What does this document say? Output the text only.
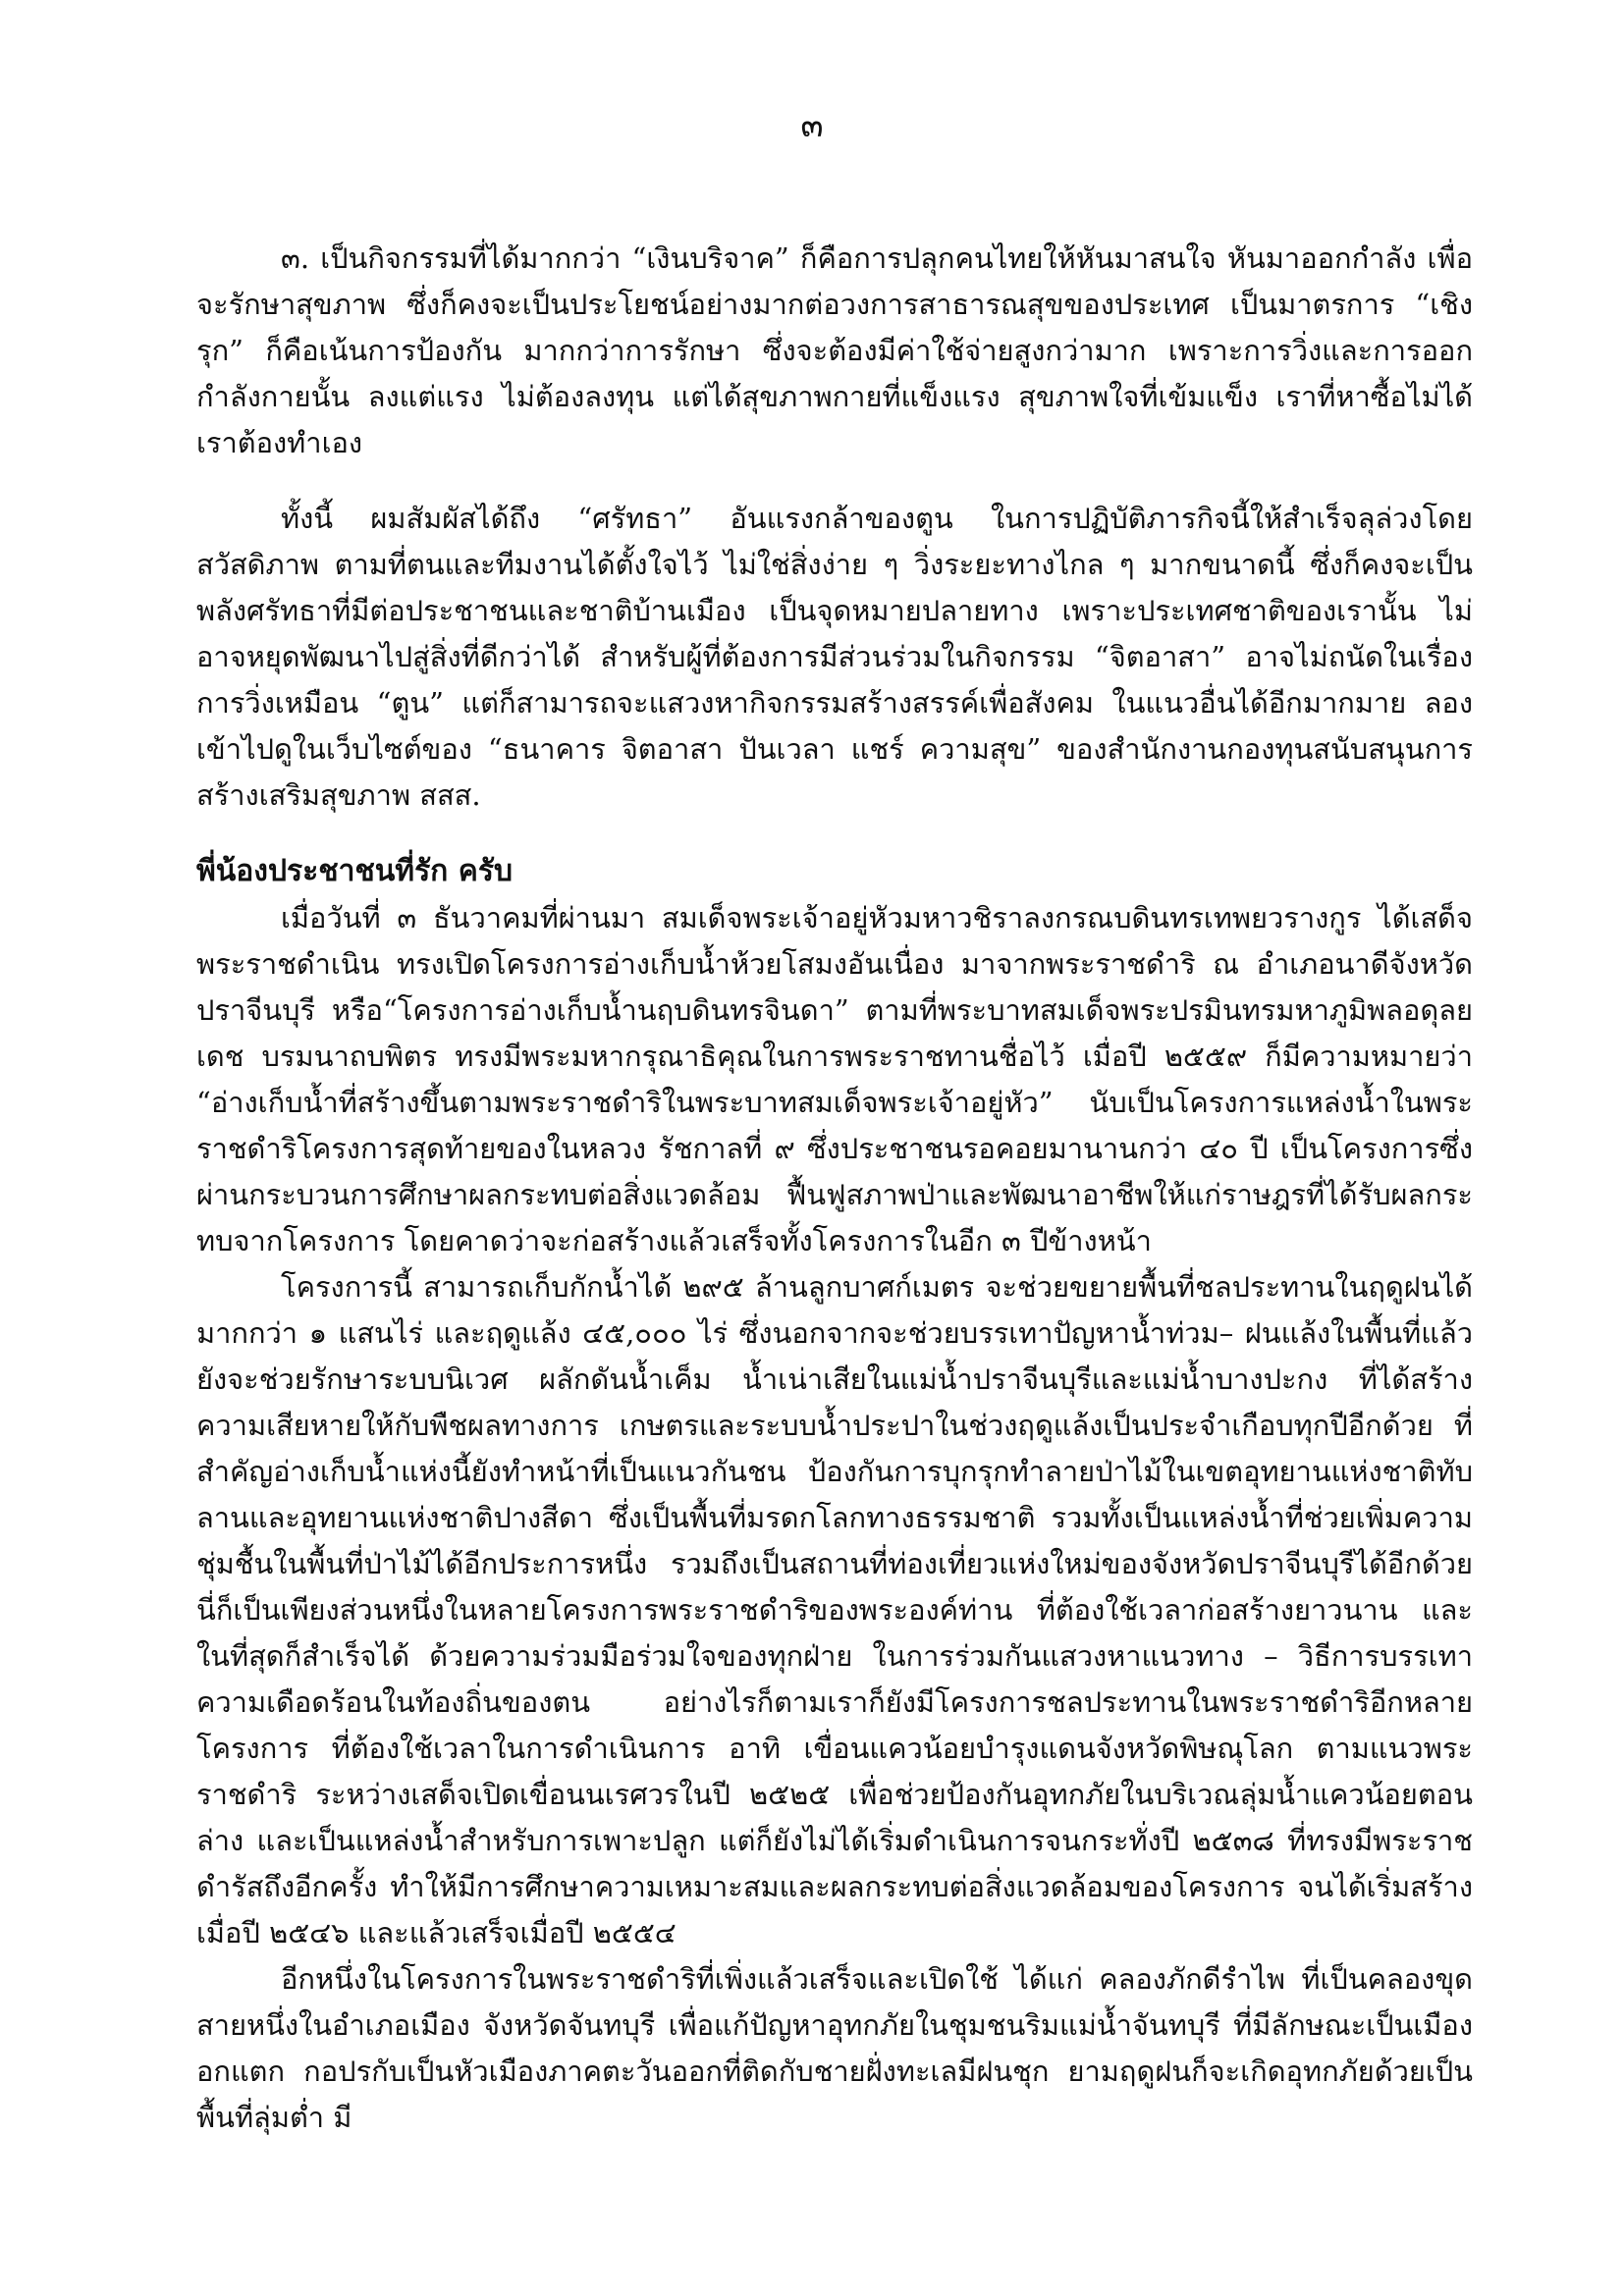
๓

๓. เป็นกิจกรรมที่ได้มากกว่า “เงินบริจาค” ก็คือการปลุกคนไทยให้หันมาสนใจ หันมาออกกำลัง เพื่อจะรักษาสุขภาพ ซึ่งก็คงจะเป็นประโยชน์อย่างมากต่อวงการสาธารณสุขของประเทศ เป็นมาตรการ “เชิงรุก” ก็คือเน้นการป้องกัน มากกว่าการรักษา ซึ่งจะต้องมีค่าใช้จ่ายสูงกว่ามาก เพราะการวิ่งและการออกกำลังกายนั้น ลงแต่แรง ไม่ต้องลงทุน แต่ได้สุขภาพกายที่แข็งแรง สุขภาพใจที่เข้มแข็ง เราที่หาซื้อไม่ได้ เราต้องทำเอง

ทั้งนี้ ผมสัมผัสได้ถึง “ศรัทธา” อันแรงกล้าของตูน ในการปฏิบัติภารกิจนี้ให้สำเร็จลุล่วงโดยสวัสดิภาพ ตามที่ตนและทีมงานได้ตั้งใจไว้ ไม่ใช่สิ่งง่าย ๆ วิ่งระยะทางไกล ๆ มากขนาดนี้ ซึ่งก็คงจะเป็นพลังศรัทธาที่มีต่อประชาชนและชาติบ้านเมือง เป็นจุดหมายปลายทาง เพราะประเทศชาติของเรานั้น ไม่อาจหยุดพัฒนาไปสู่สิ่งที่ดีกว่าได้ สำหรับผู้ที่ต้องการมีส่วนร่วมในกิจกรรม “จิตอาสา” อาจไม่ถนัดในเรื่องการวิ่งเหมือน “ตูน” แต่ก็สามารถจะแสวงหากิจกรรมสร้างสรรค์เพื่อสังคม ในแนวอื่นได้อีกมากมาย ลองเข้าไปดูในเว็บไซต์ของ “ธนาคาร จิตอาสา ปันเวลา แชร์ ความสุข” ของสำนักงานกองทุนสนับสนุนการสร้างเสริมสุขภาพ สสส.

พี่น้องประชาชนที่รัก ครับ

เมื่อวันที่ ๓ ธันวาคมที่ผ่านมา สมเด็จพระเจ้าอยู่หัวมหาวชิราลงกรณบดินทรเทพยวรางกูร ได้เสด็จพระราชดำเนิน ทรงเปิดโครงการอ่างเก็บน้ำห้วยโสมงอันเนื่อง มาจากพระราชดำริ ณ อำเภอนาดีจังหวัดปราจีนบุรี หรือ“โครงการอ่างเก็บน้ำนฤบดินทรจินดา” ตามที่พระบาทสมเด็จพระปรมินทรมหาภูมิพลอดุลยเดช บรมนาถบพิตร ทรงมีพระมหากรุณาธิคุณในการพระราชทานชื่อไว้ เมื่อปี ๒๕๕๙ ก็มีความหมายว่า “อ่างเก็บน้ำที่สร้างขึ้นตามพระราชดำริในพระบาทสมเด็จพระเจ้าอยู่หัว” นับเป็นโครงการแหล่งน้ำในพระราชดำริโครงการสุดท้ายของในหลวง รัชกาลที่ ๙ ซึ่งประชาชนรอคอยมานานกว่า ๔๐ ปี เป็นโครงการซึ่งผ่านกระบวนการศึกษาผลกระทบต่อสิ่งแวดล้อม ฟื้นฟูสภาพป่าและพัฒนาอาชีพให้แก่ราษฎรที่ได้รับผลกระทบจากโครงการ โดยคาดว่าจะก่อสร้างแล้วเสร็จทั้งโครงการในอีก ๓ ปีข้างหน้า

โครงการนี้ สามารถเก็บกักน้ำได้ ๒๙๕ ล้านลูกบาศก์เมตร จะช่วยขยายพื้นที่ชลประทานในฤดูฝนได้มากกว่า ๑ แสนไร่ และฤดูแล้ง ๔๕,๐๐๐ ไร่ ซึ่งนอกจากจะช่วยบรรเทาปัญหาน้ำท่วม– ฝนแล้งในพื้นที่แล้ว ยังจะช่วยรักษาระบบนิเวศ ผลักดันน้ำเค็ม น้ำเน่าเสียในแม่น้ำปราจีนบุรีและแม่น้ำบางปะกง ที่ได้สร้างความเสียหายให้กับพืชผลทางการ เกษตรและระบบน้ำประปาในช่วงฤดูแล้งเป็นประจำเกือบทุกปีอีกด้วย ที่สำคัญอ่างเก็บน้ำแห่งนี้ยังทำหน้าที่เป็นแนวกันชน ป้องกันการบุกรุกทำลายป่าไม้ในเขตอุทยานแห่งชาติทับลานและอุทยานแห่งชาติปางสีดา ซึ่งเป็นพื้นที่มรดกโลกทางธรรมชาติ รวมทั้งเป็นแหล่งน้ำที่ช่วยเพิ่มความชุ่มชื้นในพื้นที่ป่าไม้ได้อีกประการหนึ่ง รวมถึงเป็นสถานที่ท่องเที่ยวแห่งใหม่ของจังหวัดปราจีนบุรีได้อีกด้วย นี่ก็เป็นเพียงส่วนหนึ่งในหลายโครงการพระราชดำริของพระองค์ท่าน ที่ต้องใช้เวลาก่อสร้างยาวนาน และในที่สุดก็สำเร็จได้ ด้วยความร่วมมือร่วมใจของทุกฝ่าย ในการร่วมกันแสวงหาแนวทาง – วิธีการบรรเทาความเดือดร้อนในท้องถิ่นของตน อย่างไรก็ตามเราก็ยังมีโครงการชลประทานในพระราชดำริอีกหลายโครงการ ที่ต้องใช้เวลาในการดำเนินการ อาทิ เขื่อนแควน้อยบำรุงแดนจังหวัดพิษณุโลก ตามแนวพระราชดำริ ระหว่างเสด็จเปิดเขื่อนนเรศวรในปี ๒๕๒๕ เพื่อช่วยป้องกันอุทกภัยในบริเวณลุ่มน้ำแควน้อยตอนล่าง และเป็นแหล่งน้ำสำหรับการเพาะปลูก แต่ก็ยังไม่ได้เริ่มดำเนินการจนกระทั่งปี ๒๕๓๘ ที่ทรงมีพระราชดำรัสถึงอีกครั้ง ทำให้มีการศึกษาความเหมาะสมและผลกระทบต่อสิ่งแวดล้อมของโครงการ จนได้เริ่มสร้างเมื่อปี ๒๕๔๖ และแล้วเสร็จเมื่อปี ๒๕๕๔

อีกหนึ่งในโครงการในพระราชดำริที่เพิ่งแล้วเสร็จและเปิดใช้ ได้แก่ คลองภักดีรำไพ ที่เป็นคลองขุดสายหนึ่งในอำเภอเมือง จังหวัดจันทบุรี เพื่อแก้ปัญหาอุทกภัยในชุมชนริมแม่น้ำจันทบุรี ที่มีลักษณะเป็นเมืองอกแตก กอปรกับเป็นหัวเมืองภาคตะวันออกที่ติดกับชายฝั่งทะเลมีฝนชุก ยามฤดูฝนก็จะเกิดอุทกภัยด้วยเป็นพื้นที่ลุ่มต่ำ มี
